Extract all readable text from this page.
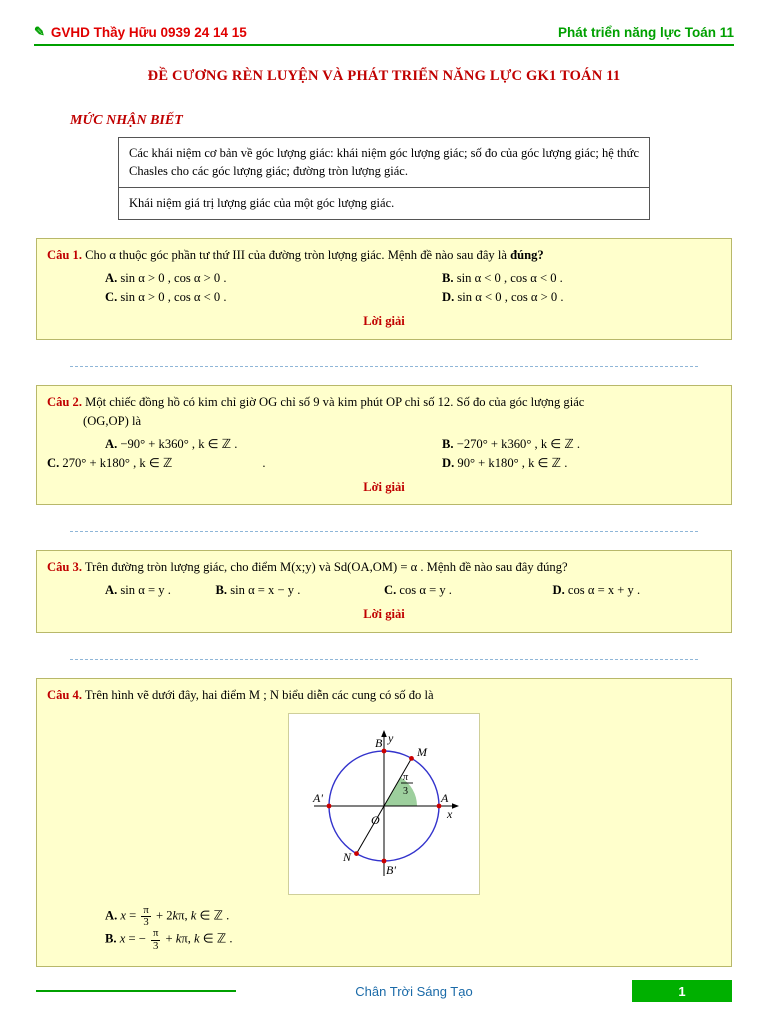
✎ GVHD Thầy Hữu 0939 24 14 15	Phát triển năng lực Toán 11
ĐỀ CƯƠNG RÈN LUYỆN VÀ PHÁT TRIỂN NĂNG LỰC GK1 TOÁN 11
MỨC NHẬN BIẾT
Các khái niệm cơ bản về góc lượng giác: khái niệm góc lượng giác; số đo của góc lượng giác; hệ thức Chasles cho các góc lượng giác; đường tròn lượng giác.
Khái niệm giá trị lượng giác của một góc lượng giác.
Câu 1. Cho α thuộc góc phần tư thứ III của đường tròn lượng giác. Mệnh đề nào sau đây là đúng?
A. sin α > 0 , cos α > 0 .	B. sin α < 0 , cos α < 0 .
C. sin α > 0 , cos α < 0 .	D. sin α < 0 , cos α > 0 .
Lời giải
Câu 2. Một chiếc đồng hồ có kim chỉ giờ OG chỉ số 9 và kim phút OP chỉ số 12. Số đo của góc lượng giác
(OG,OP) là
A. −90° + k360° , k ∈ ℤ .	B. −270° + k360° , k ∈ ℤ .
C. 270° + k180° , k ∈ ℤ	.	D. 90° + k180° , k ∈ ℤ .
Lời giải
Câu 3. Trên đường tròn lượng giác, cho điểm M(x;y) và Sd(OA,OM) = α . Mệnh đề nào sau đây đúng?
A. sin α = y .	B. sin α = x − y .	C. cos α = y .	D. cos α = x + y .
Lời giải
Câu 4. Trên hình vẽ dưới đây, hai điểm M ; N biểu diễn các cung có số đo là
B
M
A
A'
O
N
B'
y
x
π
3
A. $x = \frac{\pi}{3} + 2k\pi$, k ∈ ℤ .
B. x = − $\frac{\pi}{3} + k\pi$, k ∈ ℤ .
Chân Trời Sáng Tạo	1
